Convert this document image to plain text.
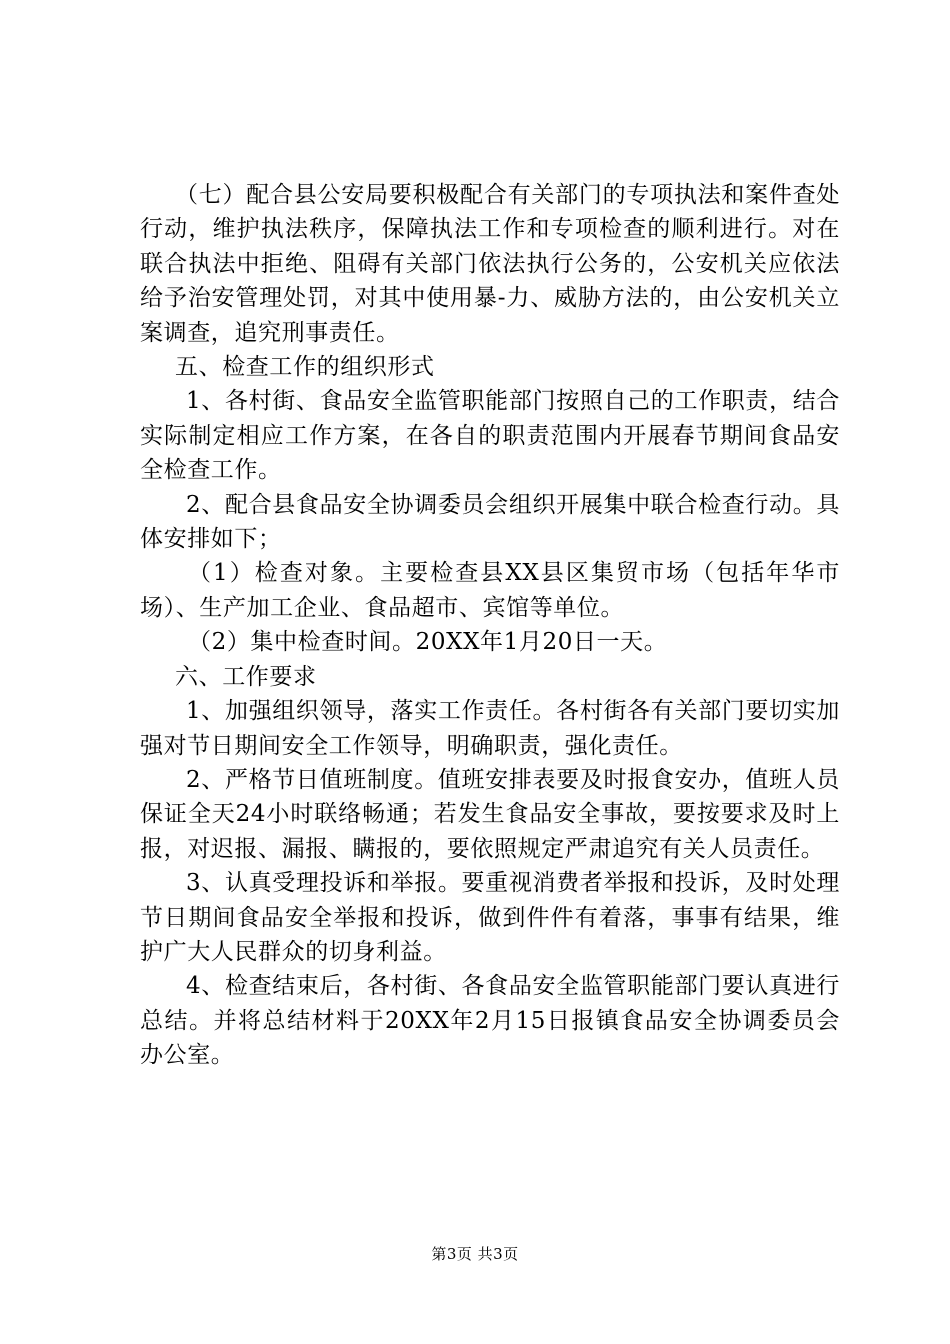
（七）配合县公安局要积极配合有关部门的专项执法和案件查处行动，维护执法秩序，保障执法工作和专项检查的顺利进行。对在联合执法中拒绝、阻碍有关部门依法执行公务的，公安机关应依法给予治安管理处罚，对其中使用暴-力、威胁方法的，由公安机关立案调查，追究刑事责任。

五、检查工作的组织形式

1、各村街、食品安全监管职能部门按照自己的工作职责，结合实际制定相应工作方案，在各自的职责范围内开展春节期间食品安全检查工作。

2、配合县食品安全协调委员会组织开展集中联合检查行动。具体安排如下；

（1）检查对象。主要检查县XX县区集贸市场（包括年华市场）、生产加工企业、食品超市、宾馆等单位。

（2）集中检查时间。20XX年1月20日一天。

六、工作要求

1、加强组织领导，落实工作责任。各村街各有关部门要切实加强对节日期间安全工作领导，明确职责，强化责任。

2、严格节日值班制度。值班安排表要及时报食安办，值班人员保证全天24小时联络畅通；若发生食品安全事故，要按要求及时上报，对迟报、漏报、瞒报的，要依照规定严肃追究有关人员责任。

3、认真受理投诉和举报。要重视消费者举报和投诉，及时处理节日期间食品安全举报和投诉，做到件件有着落，事事有结果，维护广大人民群众的切身利益。

4、检查结束后，各村街、各食品安全监管职能部门要认真进行总结。并将总结材料于20XX年2月15日报镇食品安全协调委员会办公室。

第3页 共3页
